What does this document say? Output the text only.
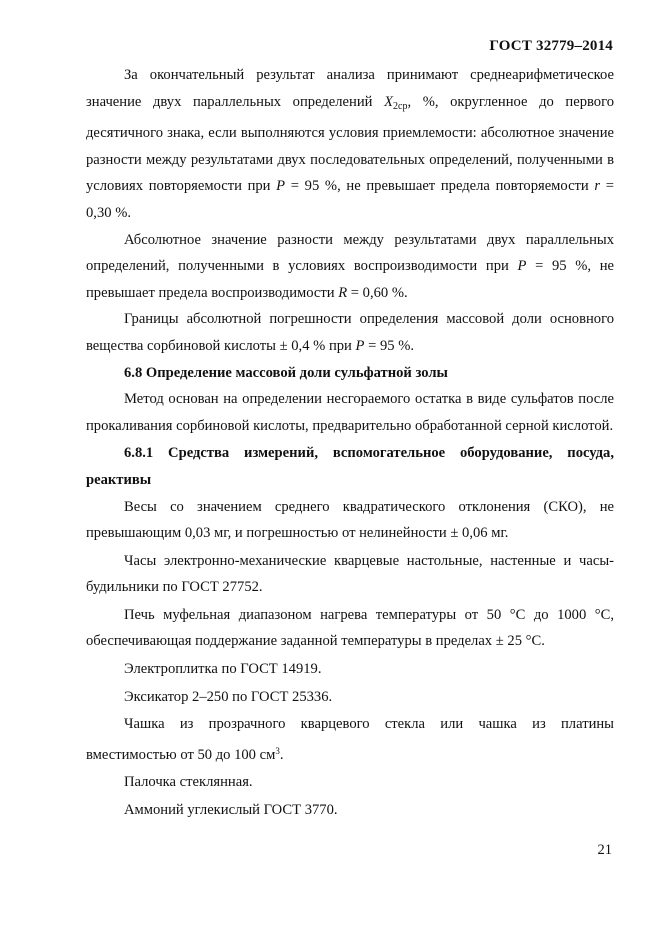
ГОСТ 32779–2014

За окончательный результат анализа принимают среднеарифметическое значение двух параллельных определений $X_{2ср}$, %, округленное до первого десятичного знака, если выполняются условия приемлемости: абсолютное значение разности между результатами двух последовательных определений, полученными в условиях повторяемости при P = 95 %, не превышает предела повторяемости r = 0,30 %.

Абсолютное значение разности между результатами двух параллельных определений, полученными в условиях воспроизводимости при P = 95 %, не превышает предела воспроизводимости R = 0,60 %.

Границы абсолютной погрешности определения массовой доли основного вещества сорбиновой кислоты ± 0,4 % при P = 95 %.

6.8 Определение массовой доли сульфатной золы

Метод основан на определении несгораемого остатка в виде сульфатов после прокаливания сорбиновой кислоты, предварительно обработанной серной кислотой.

6.8.1 Средства измерений, вспомогательное оборудование, посуда, реактивы

Весы со значением среднего квадратического отклонения (СКО), не превышающим 0,03 мг, и погрешностью от нелинейности ± 0,06 мг.

Часы электронно-механические кварцевые настольные, настенные и часы-будильники по ГОСТ 27752.

Печь муфельная диапазоном нагрева температуры от 50 °С до 1000 °С, обеспечивающая поддержание заданной температуры в пределах ± 25 °С.

Электроплитка по ГОСТ 14919.

Эксикатор 2–250 по ГОСТ 25336.

Чашка из прозрачного кварцевого стекла или чашка из платины вместимостью от 50 до 100 $см^3$.

Палочка стеклянная.

Аммоний углекислый ГОСТ 3770.

21
